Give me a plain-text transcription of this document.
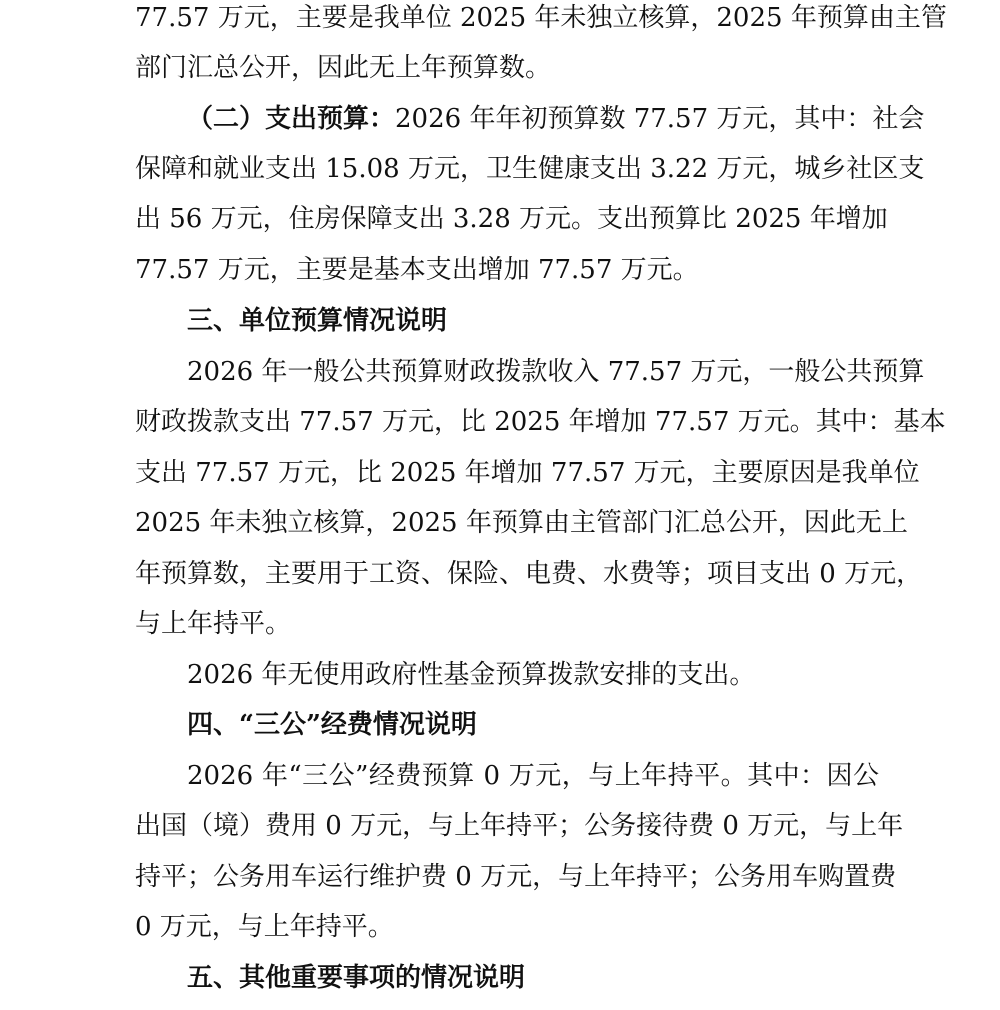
77.57 万元，主要是我单位 2025 年未独立核算，2025 年预算由主管
部门汇总公开，因此无上年预算数。
（二）支出预算： 2026 年年初预算数 77.57 万元，其中：社会
保障和就业支出 15.08 万元，卫生健康支出 3.22 万元，城乡社区支
出 56 万元，住房保障支出 3.28 万元。支出预算比 2025 年增加
77.57 万元，主要是基本支出增加 77.57 万元。
三、单位预算情况说明
2026 年一般公共预算财政拨款收入 77.57 万元，一般公共预算
财政拨款支出 77.57 万元，比 2025 年增加 77.57 万元。其中：基本
支出 77.57 万元，比 2025 年增加 77.57 万元，主要原因是我单位
2025 年未独立核算，2025 年预算由主管部门汇总公开，因此无上
年预算数，主要用于工资、保险、电费、水费等；项目支出 0 万元，
与上年持平。
2026 年无使用政府性基金预算拨款安排的支出。
四、“三公”经费情况说明
2026 年“三公”经费预算 0 万元，与上年持平。其中：因公
出国（境）费用 0 万元，与上年持平；公务接待费 0 万元，与上年
持平；公务用车运行维护费 0 万元，与上年持平；公务用车购置费
0 万元，与上年持平。
五、其他重要事项的情况说明
